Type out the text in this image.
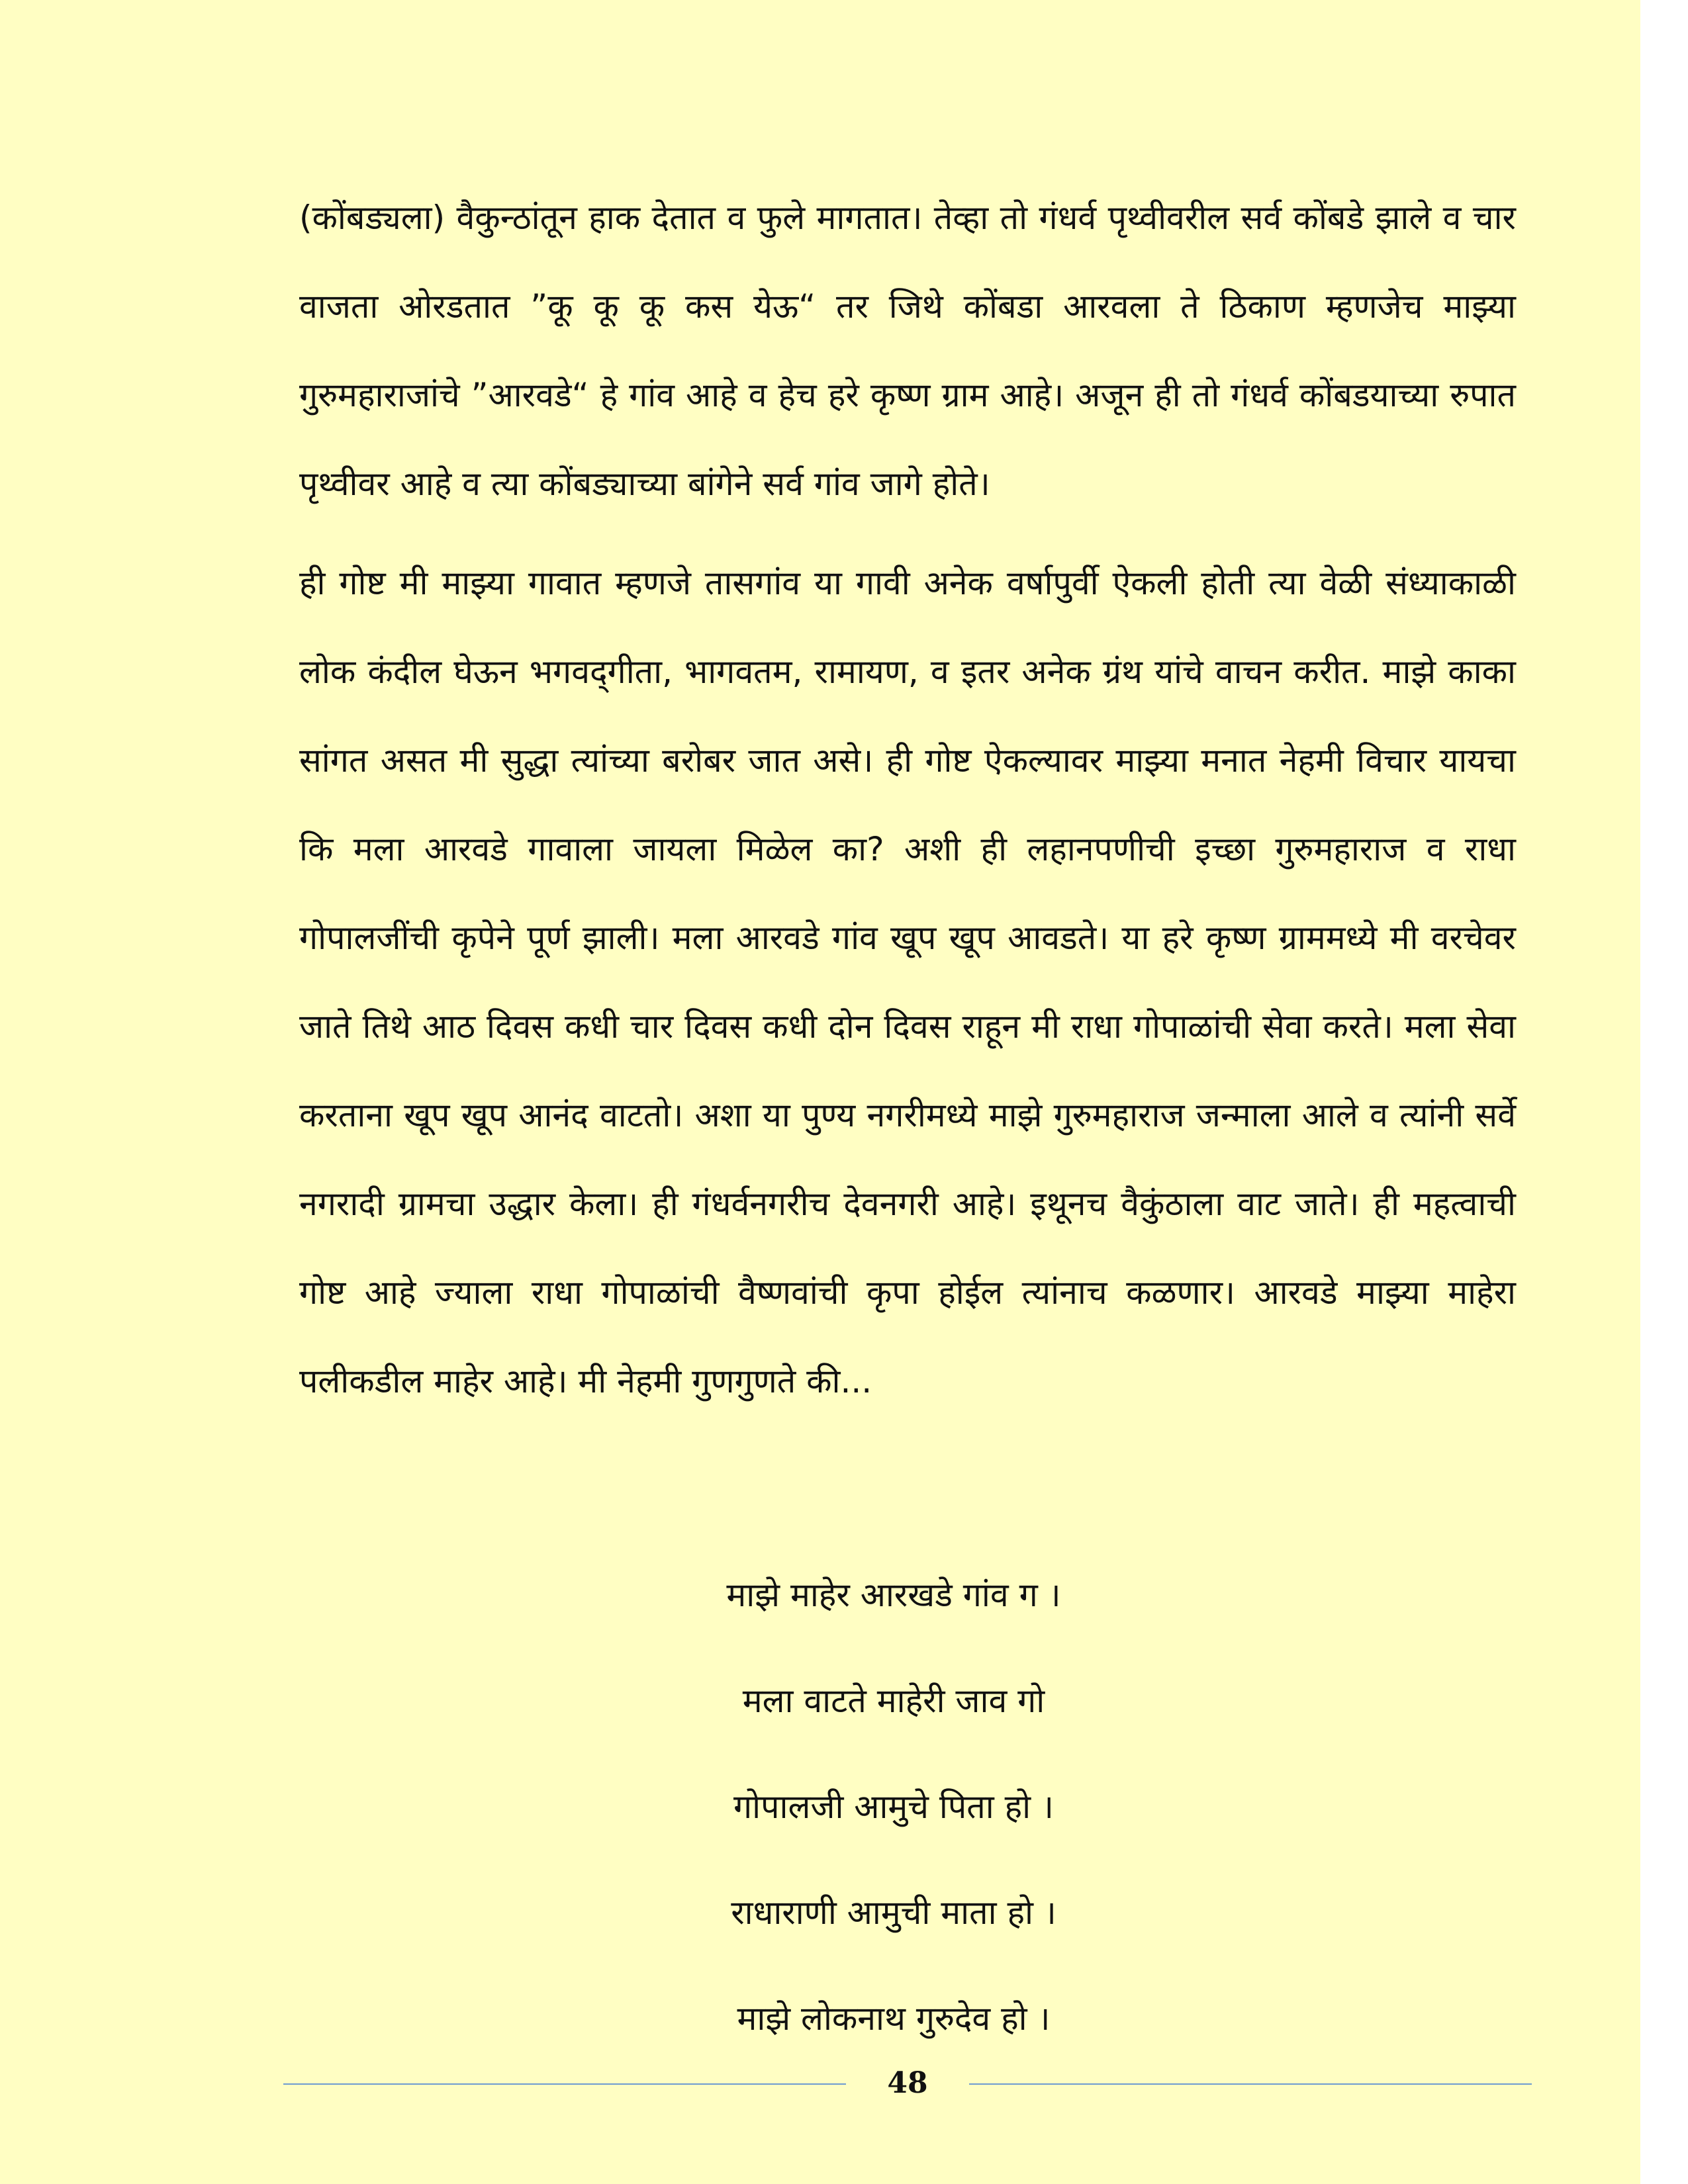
(कोंबड्यला) वैकुन्ठांतून हाक देतात व फुले मागतात। तेव्हा तो गंधर्व पृथ्वीवरील सर्व कोंबडे झाले व चार वाजता ओरडतात ”कू कू कू कस येऊ“ तर जिथे कोंबडा आरवला ते ठिकाण म्हणजेच माझ्या गुरुमहाराजांचे ”आरवडे“ हे गांव आहे व हेच हरे कृष्ण ग्राम आहे। अजून ही तो गंधर्व कोंबडयाच्या रुपात पृथ्वीवर आहे व त्या कोंबड्याच्या बांगेने सर्व गांव जागे होते।

ही गोष्ट मी माझ्या गावात म्हणजे तासगांव या गावी अनेक वर्षापुर्वी ऐकली होती त्या वेळी संध्याकाळी लोक कंदील घेऊन भगवद्‌गीता, भागवतम, रामायण, व इतर अनेक ग्रंथ यांचे वाचन करीत. माझे काका सांगत असत मी सुद्धा त्यांच्या बरोबर जात असे। ही गोष्ट ऐकल्यावर माझ्या मनात नेहमी विचार यायचा कि मला आरवडे गावाला जायला मिळेल का? अशी ही लहानपणीची इच्छा गुरुमहाराज व राधा गोपालजींची कृपेने पूर्ण झाली। मला आरवडे गांव खूप खूप आवडते। या हरे कृष्ण ग्राममध्ये मी वरचेवर जाते तिथे आठ दिवस कधी चार दिवस कधी दोन दिवस राहून मी राधा गोपाळांची सेवा करते। मला सेवा करताना खूप खूप आनंद वाटतो। अशा या पुण्य नगरीमध्ये माझे गुरुमहाराज जन्माला आले व त्यांनी सर्वे नगरादी ग्रामचा उद्धार केला। ही गंधर्वनगरीच देवनगरी आहे। इथूनच वैकुंठाला वाट जाते। ही महत्वाची गोष्ट आहे ज्याला राधा गोपाळांची वैष्णवांची कृपा होईल त्यांनाच कळणार। आरवडे माझ्या माहेरा पलीकडील माहेर आहे। मी नेहमी गुणगुणते की...

माझे माहेर आरखडे गांव ग ।

मला वाटते माहेरी जाव गो

गोपालजी आमुचे पिता हो ।

राधाराणी आमुची माता हो ।

माझे लोकनाथ गुरुदेव हो ।

48
